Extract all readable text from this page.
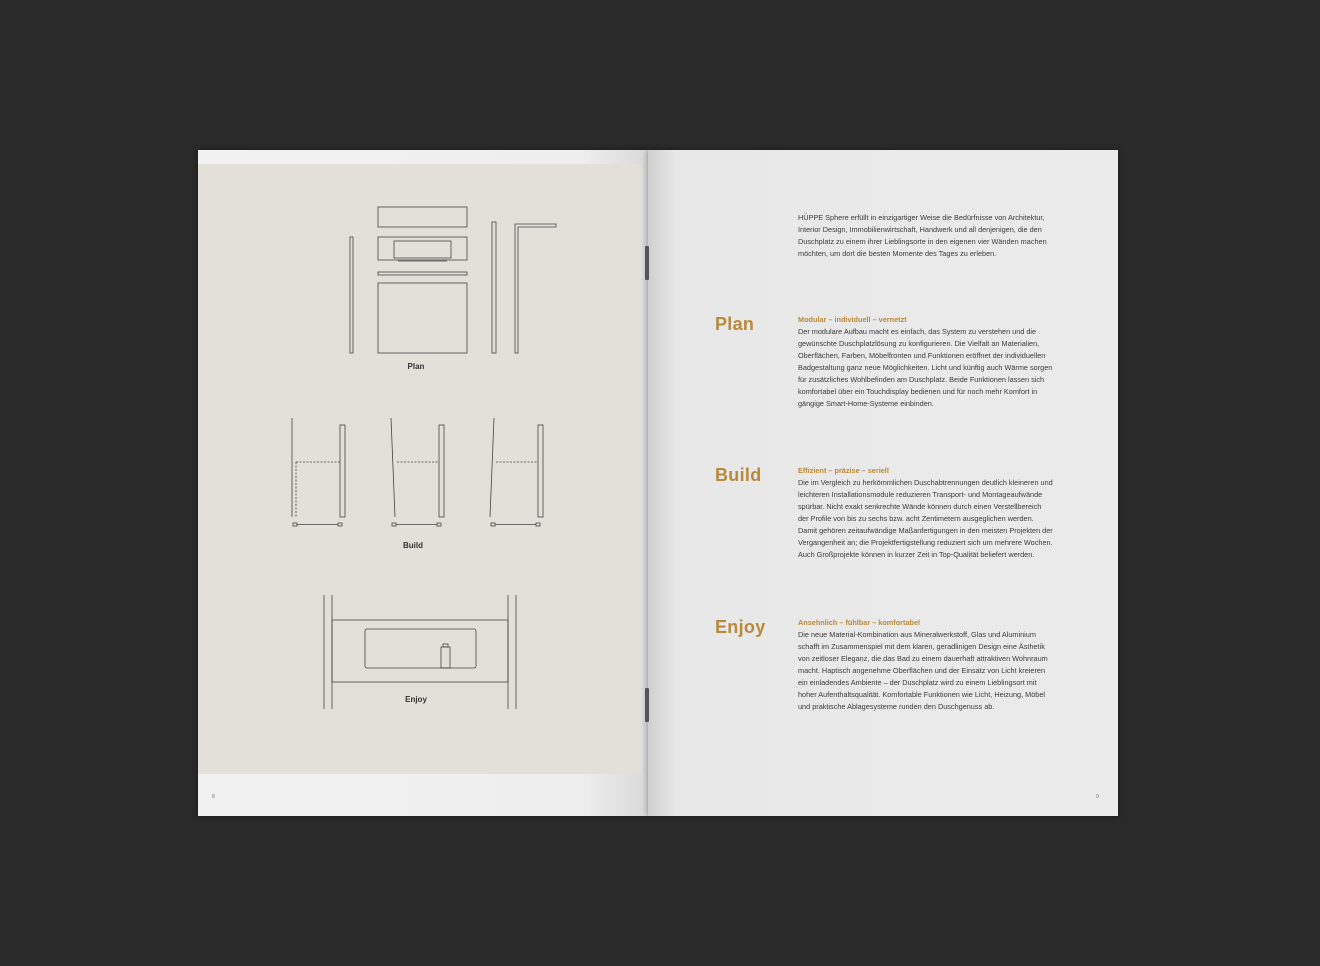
Plan
Build
Enjoy
8	9
HÜPPE Sphere erfüllt in einzigartiger Weise die Bedürfnisse von Architektur, Interior Design, Immobilienwirtschaft, Handwerk und all denjenigen, die den Duschplatz zu einem ihrer Lieblingsorte in den eigenen vier Wänden machen möchten, um dort die besten Momente des Tages zu erleben.
Plan	Modular – individuell – vernetzt

Der modulare Aufbau macht es einfach, das System zu verstehen und die gewünschte Duschplatzlösung zu konfigurieren. Die Vielfalt an Materialien, Oberflächen, Farben, Möbelfronten und Funktionen eröffnet der individuellen Badgestaltung ganz neue Möglichkeiten. Licht und künftig auch Wärme sorgen für zusätzliches Wohlbefinden am Duschplatz. Beide Funktionen lassen sich komfortabel über ein Touchdisplay bedienen und für noch mehr Komfort in gängige Smart-Home-Systeme einbinden.

Build	Effizient – präzise – seriell

Die im Vergleich zu herkömmlichen Duschabtrennungen deutlich kleineren und leichteren Installationsmodule reduzieren Transport- und Montageaufwände spürbar. Nicht exakt senkrechte Wände können durch einen Verstellbereich der Profile von bis zu sechs bzw. acht Zentimetern ausgeglichen werden. Damit gehören zeitaufwändige Maßanfertigungen in den meisten Projekten der Vergangenheit an; die Projektfertigstellung reduziert sich um mehrere Wochen. Auch Großprojekte können in kurzer Zeit in Top-Qualität beliefert werden.

Enjoy	Ansehnlich – fühlbar – komfortabel

Die neue Material-Kombination aus Mineralwerkstoff, Glas und Aluminium schafft im Zusammenspiel mit dem klaren, geradlinigen Design eine Ästhetik von zeitloser Eleganz, die das Bad zu einem dauerhaft attraktiven Wohnraum macht. Haptisch angenehme Oberflächen und der Einsatz von Licht kreieren ein einladendes Ambiente – der Duschplatz wird zu einem Lieblingsort mit hoher Aufenthaltsqualität. Komfortable Funktionen wie Licht, Heizung, Möbel und praktische Ablagesysteme runden den Duschgenuss ab.
